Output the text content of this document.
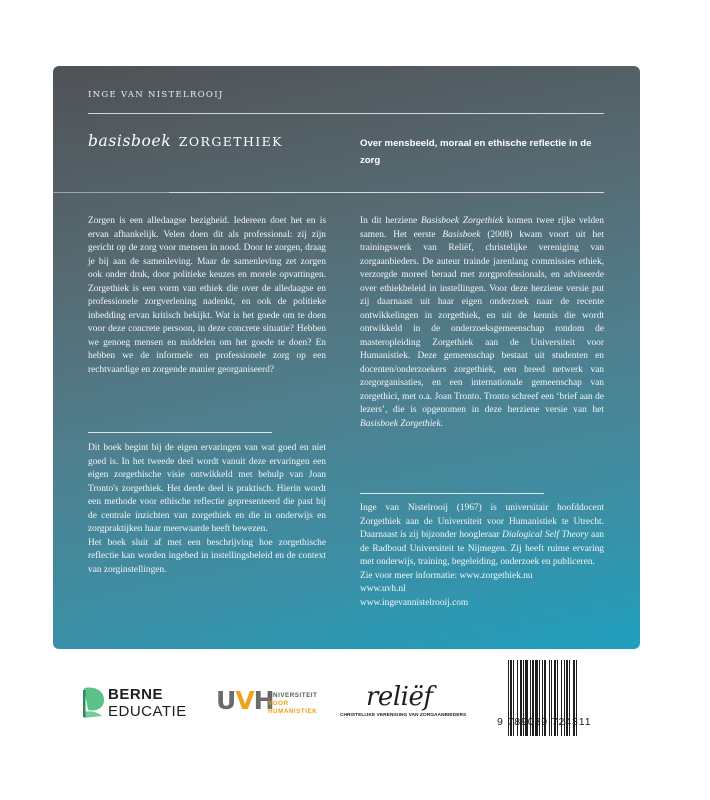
INGE VAN NISTELROOIJ
basisboek ZORGETHIEK	Over mensbeeld, moraal en ethische reflectie in de zorg

Zorgen is een alledaagse bezigheid. Iedereen doet het en is ervan afhankelijk. Velen doen dit als professional: zij zijn gericht op de zorg voor mensen in nood. Door te zorgen, draag je bij aan de samenleving. Maar de samenleving zet zorgen ook onder druk, door politieke keuzes en morele opvattingen. Zorgethiek is een vorm van ethiek die over de alledaagse en professionele zorgverlening nadenkt, en ook de politieke inbedding ervan kritisch bekijkt. Wat is het goede om te doen voor deze concrete persoon, in deze concrete situatie? Hebben we genoeg mensen en middelen om het goede te doen? En hebben we de informele en professionele zorg op een rechtvaardige en zorgende manier georganiseerd?

Dit boek begint bij de eigen ervaringen van wat goed en niet goed is. In het tweede deel wordt vanuit deze ervaringen een eigen zorgethische visie ontwikkeld met behulp van Joan Tronto's zorgethiek. Het derde deel is praktisch. Hierin wordt een methode voor ethische reflectie gepresenteerd die past bij de centrale inzichten van zorgethiek en die in onderwijs en zorgpraktijken haar meerwaarde heeft bewezen.

Het boek sluit af met een beschrijving hoe zorgethische reflectie kan worden ingebed in instellingsbeleid en de context van zorginstellingen.

In dit herziene Basisboek Zorgethiek komen twee rijke velden samen. Het eerste Basisboek (2008) kwam voort uit het trainingswerk van Reliëf, christelijke vereniging van zorgaanbieders. De auteur trainde jarenlang commissies ethiek, verzorgde moreel beraad met zorgprofessionals, en adviseerde over ethiekbeleid in instellingen. Voor deze herziene versie put zij daarnaast uit haar eigen onderzoek naar de recente ontwikkelingen in zorgethiek, en uit de kennis die wordt ontwikkeld in de onderzoeksgemeenschap rondom de masteropleiding Zorgethiek aan de Universiteit voor Humanistiek. Deze gemeenschap bestaat uit studenten en docenten/onderzoekers zorgethiek, een breed netwerk van zorgorganisaties, en een internationale gemeenschap van zorgethici, met o.a. Joan Tronto. Tronto schreef een ‘brief aan de lezers’, die is opgenomen in deze herziene versie van het Basisboek Zorgethiek.

Inge van Nistelrooij (1967) is universitair hoofddocent Zorgethiek aan de Universiteit voor Humanistiek te Utrecht. Daarnaast is zij bijzonder hoogleraar Dialogical Self Theory aan de Radboud Universiteit te Nijmegen. Zij heeft ruime ervaring met onderwijs, training, begeleiding, onderzoek en publiceren.

Zie voor meer informatie: www.zorgethiek.nu

www.uvh.nl

www.ingevannistelrooij.com

BERNE
EDUCATIE UVH
UNIVERSITEIT
VOOR
HUMANISTIEK reliëf
CHRISTELIJKE VERENIGING VAN ZORGAANBIEDERS
9 789089 724311
